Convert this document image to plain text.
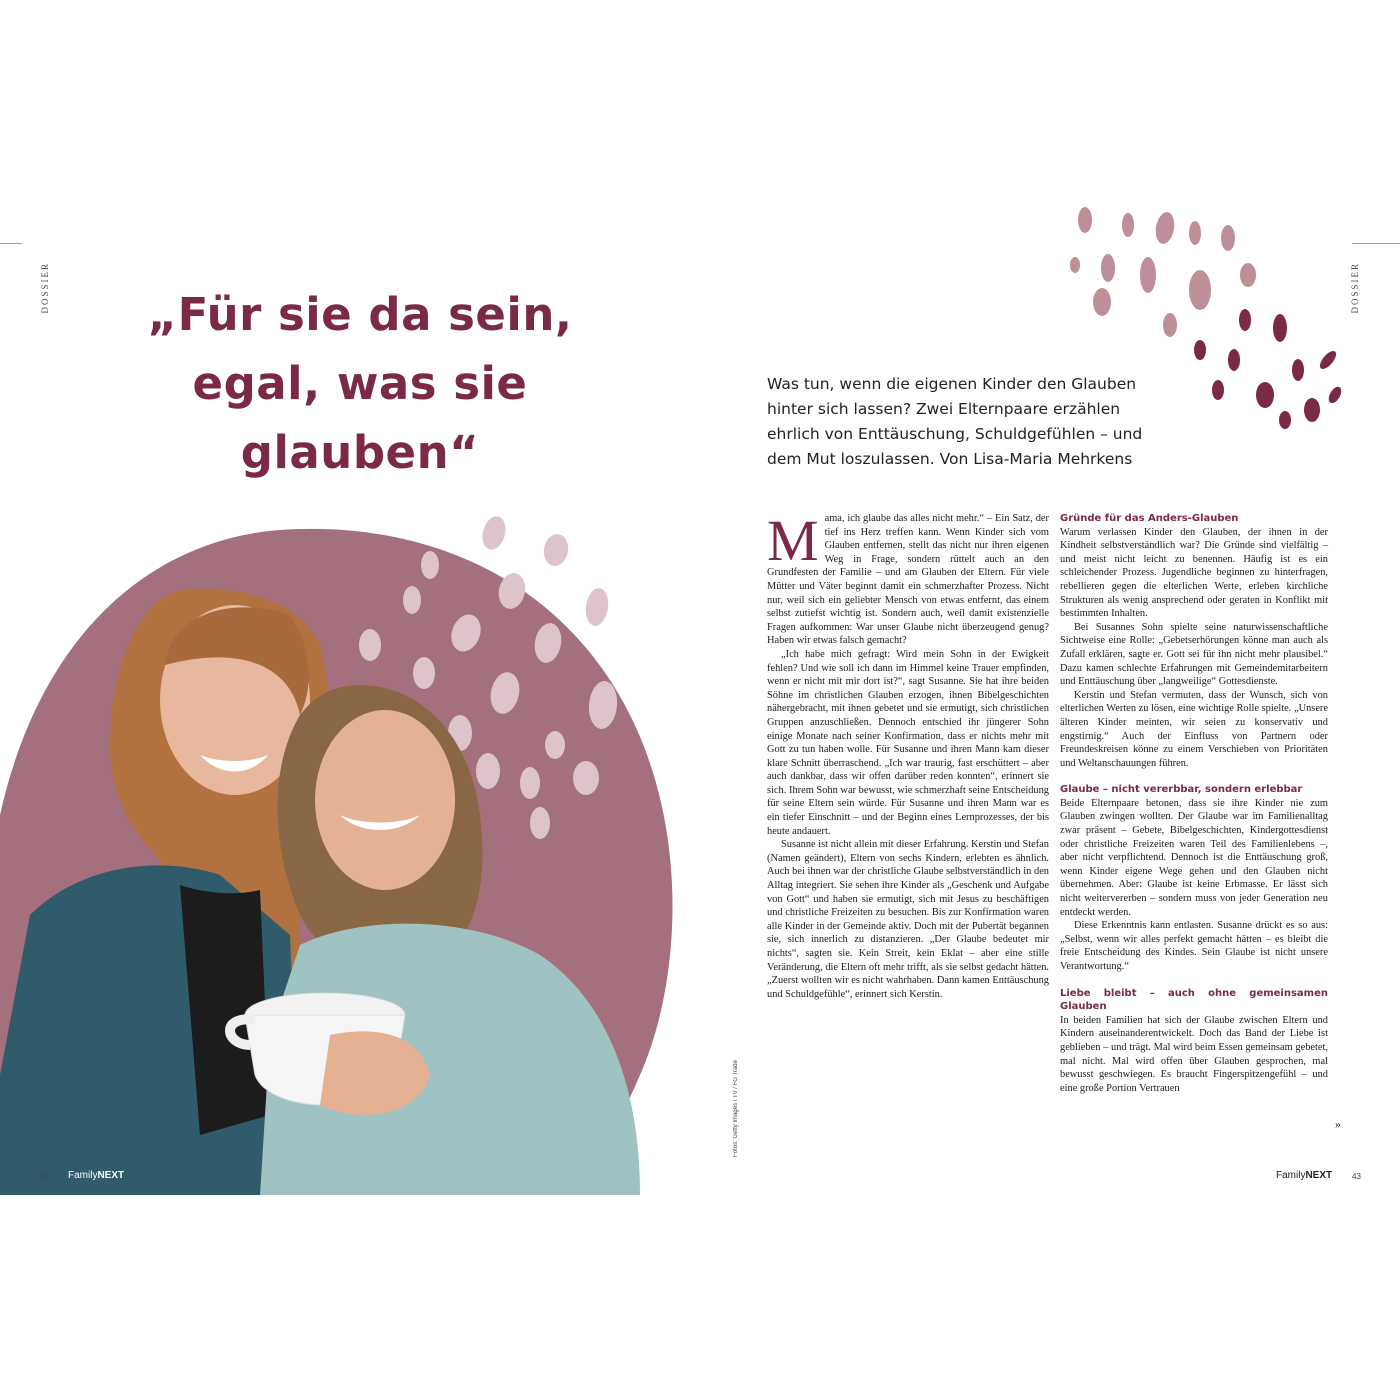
DOSSIER
„Für sie da sein, egal, was sie glauben“
42 FamilyNEXT
Fotos: Getty Images / TV / FG Trade
DOSSIER

Was tun, wenn die eigenen Kinder den Glauben hinter sich lassen? Zwei Elternpaare erzählen ehrlich von Enttäuschung, Schuldgefühlen – und dem Mut loszulassen. Von Lisa-Maria Mehrkens

Mama, ich glaube das alles nicht mehr.“ – Ein Satz, der tief ins Herz treffen kann. Wenn Kinder sich vom Glauben entfernen, stellt das nicht nur ihren eigenen Weg in Frage, sondern rüttelt auch an den Grundfesten der Familie – und am Glauben der Eltern. Für viele Mütter und Väter beginnt damit ein schmerzhafter Prozess. Nicht nur, weil sich ein geliebter Mensch von etwas entfernt, das einem selbst zutiefst wichtig ist. Sondern auch, weil damit existenzielle Fragen aufkommen: War unser Glaube nicht überzeugend genug? Haben wir etwas falsch gemacht?

„Ich habe mich gefragt: Wird mein Sohn in der Ewigkeit fehlen? Und wie soll ich dann im Himmel keine Trauer empfinden, wenn er nicht mit mir dort ist?“, sagt Susanne. Sie hat ihre beiden Söhne im christlichen Glauben erzogen, ihnen Bibelgeschichten nähergebracht, mit ihnen gebetet und sie ermutigt, sich christlichen Gruppen anzuschließen. Dennoch entschied ihr jüngerer Sohn einige Monate nach seiner Konfirmation, dass er nichts mehr mit Gott zu tun haben wolle. Für Susanne und ihren Mann kam dieser klare Schnitt überraschend. „Ich war traurig, fast erschüttert – aber auch dankbar, dass wir offen darüber reden konnten“, erinnert sie sich. Ihrem Sohn war bewusst, wie schmerzhaft seine Entscheidung für seine Eltern sein würde. Für Susanne und ihren Mann war es ein tiefer Einschnitt – und der Beginn eines Lernprozesses, der bis heute andauert.

Susanne ist nicht allein mit dieser Erfahrung. Kerstin und Stefan (Namen geändert), Eltern von sechs Kindern, erlebten es ähnlich. Auch bei ihnen war der christliche Glaube selbstverständlich in den Alltag integriert. Sie sehen ihre Kinder als „Geschenk und Aufgabe von Gott“ und haben sie ermutigt, sich mit Jesus zu beschäftigen und christliche Freizeiten zu besuchen. Bis zur Konfirmation waren alle Kinder in der Gemeinde aktiv. Doch mit der Pubertät begannen sie, sich innerlich zu distanzieren. „Der Glaube bedeutet mir nichts“, sagten sie. Kein Streit, kein Eklat – aber eine stille Veränderung, die Eltern oft mehr trifft, als sie selbst gedacht hätten. „Zuerst wollten wir es nicht wahrhaben. Dann kamen Enttäuschung und Schuldgefühle“, erinnert sich Kerstin.

Gründe für das Anders-Glauben

Warum verlassen Kinder den Glauben, der ihnen in der Kindheit selbstverständlich war? Die Gründe sind vielfältig – und meist nicht leicht zu benennen. Häufig ist es ein schleichender Prozess. Jugendliche beginnen zu hinterfragen, rebellieren gegen die elterlichen Werte, erleben kirchliche Strukturen als wenig ansprechend oder geraten in Konflikt mit bestimmten Inhalten.

Bei Susannes Sohn spielte seine naturwissenschaftliche Sichtweise eine Rolle: „Gebetserhörungen könne man auch als Zufall erklären, sagte er. Gott sei für ihn nicht mehr plausibel.“ Dazu kamen schlechte Erfahrungen mit Gemeindemitarbeitern und Enttäuschung über „langweilige“ Gottesdienste.

Kerstin und Stefan vermuten, dass der Wunsch, sich von elterlichen Werten zu lösen, eine wichtige Rolle spielte. „Unsere älteren Kinder meinten, wir seien zu konservativ und engstirnig.“ Auch der Einfluss von Partnern oder Freundeskreisen könne zu einem Verschieben von Prioritäten und Weltanschauungen führen.

Glaube – nicht vererbbar, sondern erlebbar

Beide Elternpaare betonen, dass sie ihre Kinder nie zum Glauben zwingen wollten. Der Glaube war im Familienalltag zwar präsent – Gebete, Bibelgeschichten, Kindergottesdienst oder christliche Freizeiten waren Teil des Familienlebens –, aber nicht verpflichtend. Dennoch ist die Enttäuschung groß, wenn Kinder eigene Wege gehen und den Glauben nicht übernehmen. Aber: Glaube ist keine Erbmasse. Er lässt sich nicht weitervererben – sondern muss von jeder Generation neu entdeckt werden.

Diese Erkenntnis kann entlasten. Susanne drückt es so aus: „Selbst, wenn wir alles perfekt gemacht hätten – es bleibt die freie Entscheidung des Kindes. Sein Glaube ist nicht unsere Verantwortung.“

Liebe bleibt – auch ohne gemeinsamen Glauben

In beiden Familien hat sich der Glaube zwischen Eltern und Kindern auseinanderentwickelt. Doch das Band der Liebe ist geblieben – und trägt. Mal wird beim Essen gemeinsam gebetet, mal nicht. Mal wird offen über Glauben gesprochen, mal bewusst geschwiegen. Es braucht Fingerspitzengefühl – und eine große Portion Vertrauen

»
FamilyNEXT 43
